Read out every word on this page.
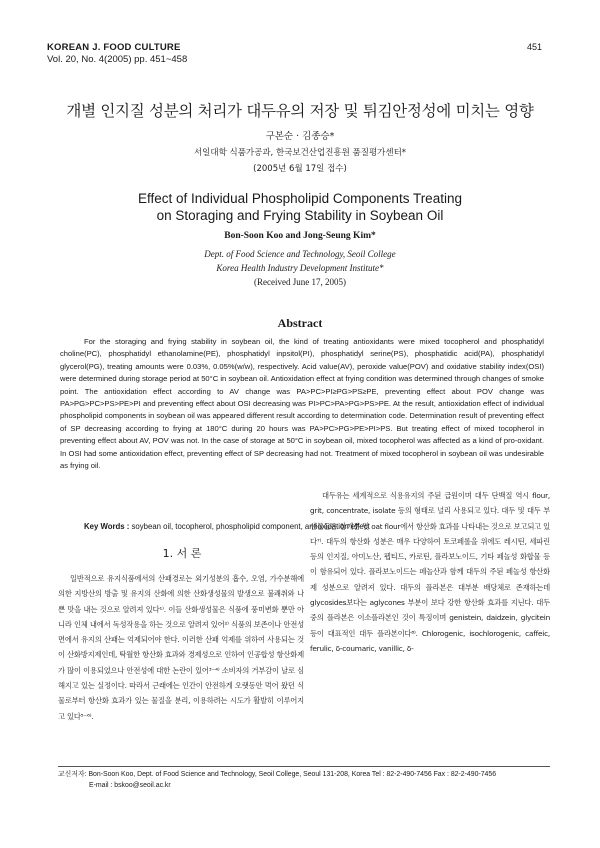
KOREAN J. FOOD CULTURE
Vol. 20, No. 4(2005) pp. 451~458
451
개별 인지질 성분의 처리가 대두유의 저장 및 튀김안정성에 미치는 영향
구본순 · 김종승*
서일대학 식품가공과, 한국보건산업진흥원 품질평가센터*
(2005년 6월 17일 접수)
Effect of Individual Phospholipid Components Treating
on Storaging and Frying Stability in Soybean Oil
Bon-Soon Koo and Jong-Seung Kim*
Dept. of Food Science and Technology, Seoil College
Korea Health Industry Development Institute*
(Received June 17, 2005)
Abstract

For the storaging and frying stability in soybean oil, the kind of treating antioxidants were mixed tocopherol and phosphatidyl choline(PC), phosphatidyl ethanolamine(PE), phosphatidyl inpsitol(PI), phosphatidyl serine(PS), phosphatidic acid(PA), phosphatidyl glycerol(PG), treating amounts were 0.03%, 0.05%(w/w), respectively. Acid value(AV), peroxide value(POV) and oxidative stability index(OSI) were determined during storage period at 50°C in soybean oil. Antioxidation effect at frying condition was determined through changes of smoke point. The antioxidation effect according to AV change was PA>PC>PI≥PG>PS≥PE, preventing effect about POV change was PA>PG>PC>PS>PE>PI and preventing effect about OSI decreasing was PI>PC>PA>PG>PS>PE. At the result, antioxidation effect of individual phospholipid components in soybean oil was appeared different result according to determination code. Determination result of preventing effect of SP decreasing according to frying at 180°C during 20 hours was PA>PC>PG>PE>PI>PS. But treating effect of mixed tocopherol in preventing effect about AV, POV was not. In the case of storage at 50°C in soybean oil, mixed tocopherol was affected as a kind of pro-oxidant. In OSI had some antioxidation effect, preventing effect of SP decreasing had not. Treatment of mixed tocopherol in soybean oil was undesirable as frying oil.

Key Words : soybean oil, tocopherol, phospholipid component, antioxidation effect
1. 서 론

일반적으로 유지식품에서의 산패경로는 외기성분의 흡수, 오염, 가수분해에 의한 지방산의 방출 및 유지의 산화에 의한 산화생성물의 발생으로 불쾌취와 나쁜 맛을 내는 것으로 알려져 있다¹⁾. 이들 산화생성물은 식품에 풍미변화 뿐만 아니라 인체 내에서 독성작용을 하는 것으로 알려져 있어²⁾ 식품의 보존이나 안전성 면에서 유지의 산패는 억제되어야 한다. 이러한 산패 억제를 위하여 사용되는 것이 산화방지제인데, 탁월한 항산화 효과와 경제성으로 인하여 인공합성 항산화제가 많이 이용되었으나 안전성에 대한 논란이 있어³⁻⁴⁾ 소비자의 거부감이 날로 심해지고 있는 실정이다. 따라서 근래에는 인간이 안전하게 오랫동안 먹어 왔던 식물로부터 항산화 효과가 있는 물질을 분리, 이용하려는 시도가 활발히 이루어지고 있다⁵⁻⁶⁾.

대두유는 세계적으로 식용유지의 주된 급원이며 대두 단백질 역시 flour, grit, concentrate, isolate 등의 형태로 널리 사용되고 있다. 대두 및 대두 부산물들은 참깨분 및 oat flour에서 항산화 효과를 나타내는 것으로 보고되고 있다⁷⁾. 대두의 항산화 성분은 매우 다양하여 토코페롤을 위에도 레시틴, 세파린 등의 인지질, 아미노산, 펩티드, 카로틴, 플라보노이드, 기타 페놀성 화합물 등이 함유되어 있다. 플라보노이드는 페놀산과 함께 대두의 주된 페놀성 항산화제 성분으로 알려져 있다. 대두의 플라본은 대부분 배당체로 존재하는데 glycosides보다는 aglycones 부분이 보다 강한 항산화 효과를 지닌다. 대두 중의 플라본은 이소플라본인 것이 특징이며 genistein, daidzein, glycitein 등이 대표적인 대두 플라본이다⁸⁾. Chlorogenic, isochlorogenic, caffeic, ferulic, δ-coumaric, vanillic, δ-

교신저자: Bon-Soon Koo, Dept. of Food Science and Technology, Seoil College, Seoul 131-208, Korea Tel : 82-2-490-7456 Fax : 82-2-490-7456
E-mail : bskoo@seoil.ac.kr
